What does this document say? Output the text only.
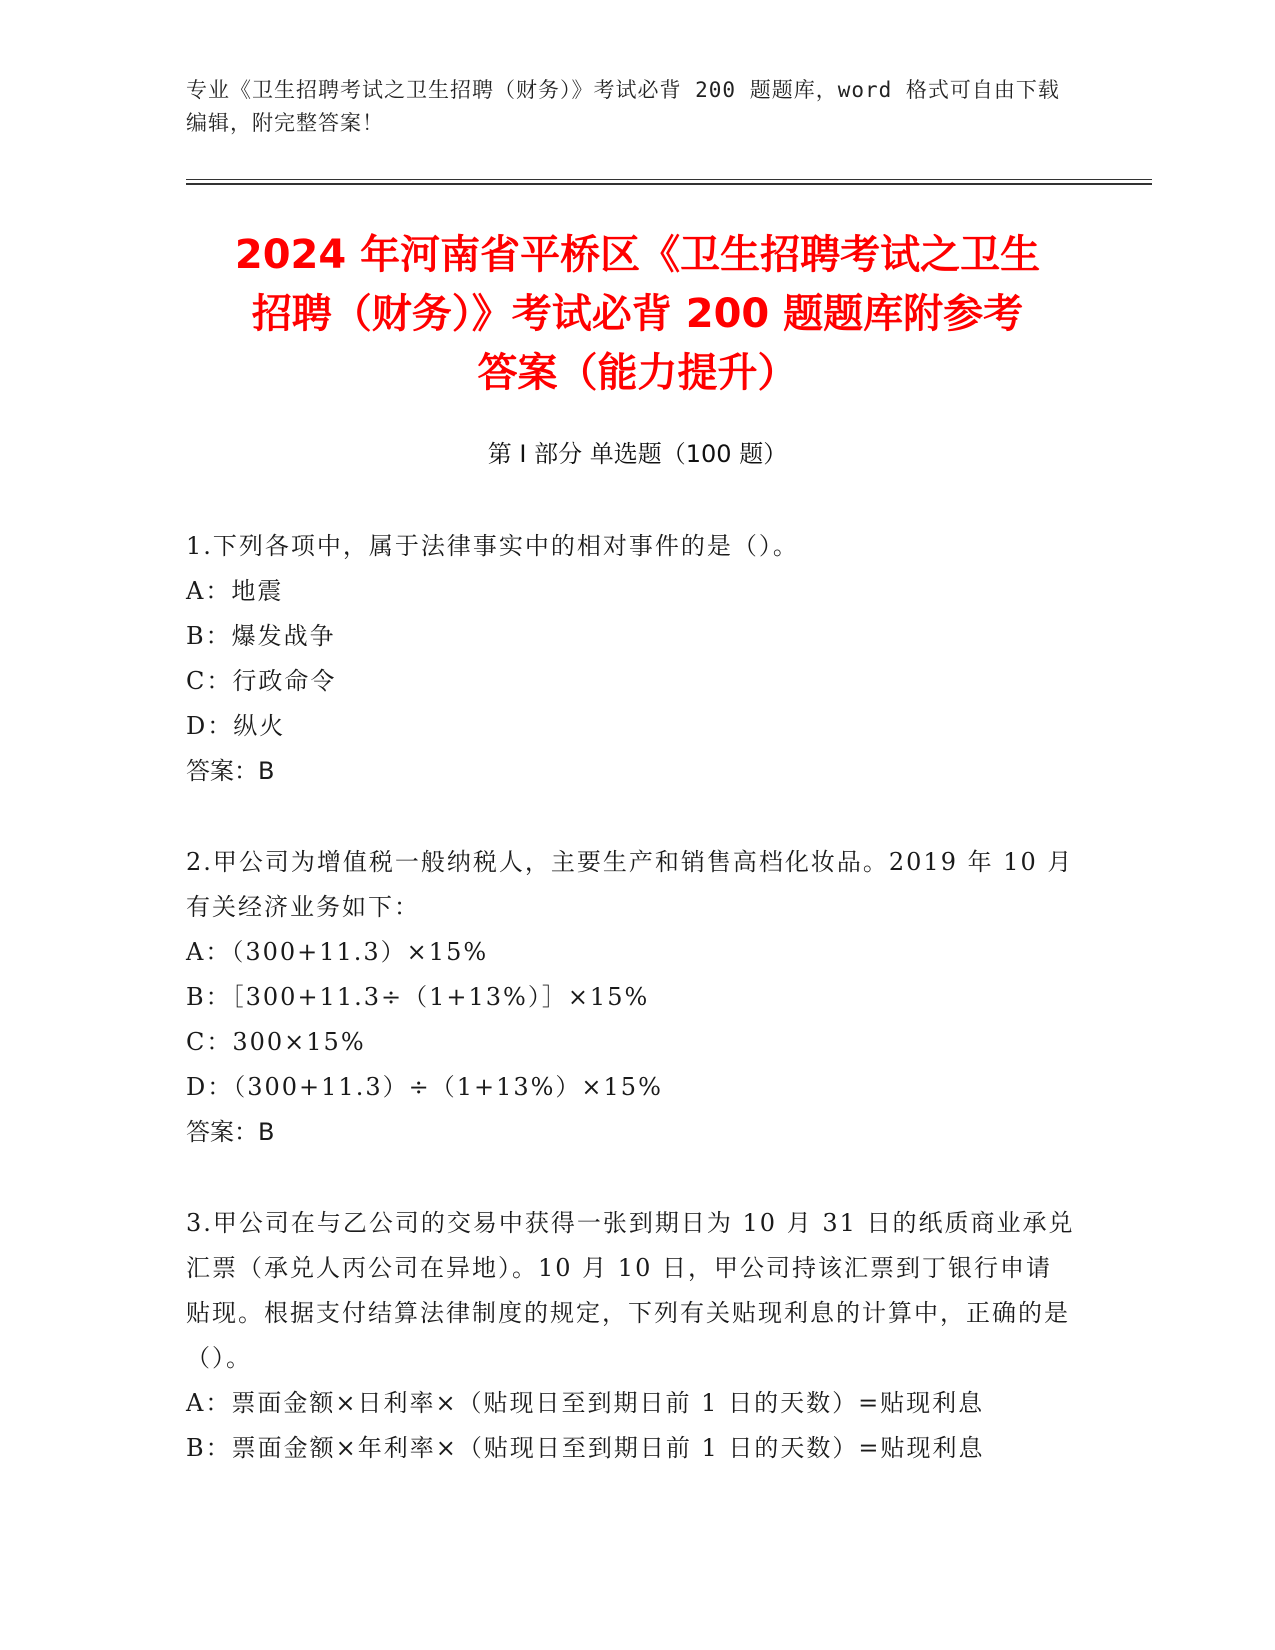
专业《卫生招聘考试之卫生招聘（财务）》考试必背 200 题题库，word 格式可自由下载编辑，附完整答案！
2024 年河南省平桥区《卫生招聘考试之卫生
招聘（财务）》考试必背 200 题题库附参考
答案（能力提升）
第 I 部分 单选题（100 题）

1.下列各项中，属于法律事实中的相对事件的是（）。

A：地震

B：爆发战争

C：行政命令

D：纵火

答案：B

2.甲公司为增值税一般纳税人，主要生产和销售高档化妆品。2019 年 10 月有关经济业务如下：

A：（300+11.3）×15%

B：［300+11.3÷（1+13%）］×15%

C：300×15%

D：（300+11.3）÷（1+13%）×15%

答案：B

3.甲公司在与乙公司的交易中获得一张到期日为 10 月 31 日的纸质商业承兑汇票（承兑人丙公司在异地）。10 月 10 日，甲公司持该汇票到丁银行申请贴现。根据支付结算法律制度的规定，下列有关贴现利息的计算中，正确的是（）。

A：票面金额×日利率×（贴现日至到期日前 1 日的天数）=贴现利息

B：票面金额×年利率×（贴现日至到期日前 1 日的天数）=贴现利息
